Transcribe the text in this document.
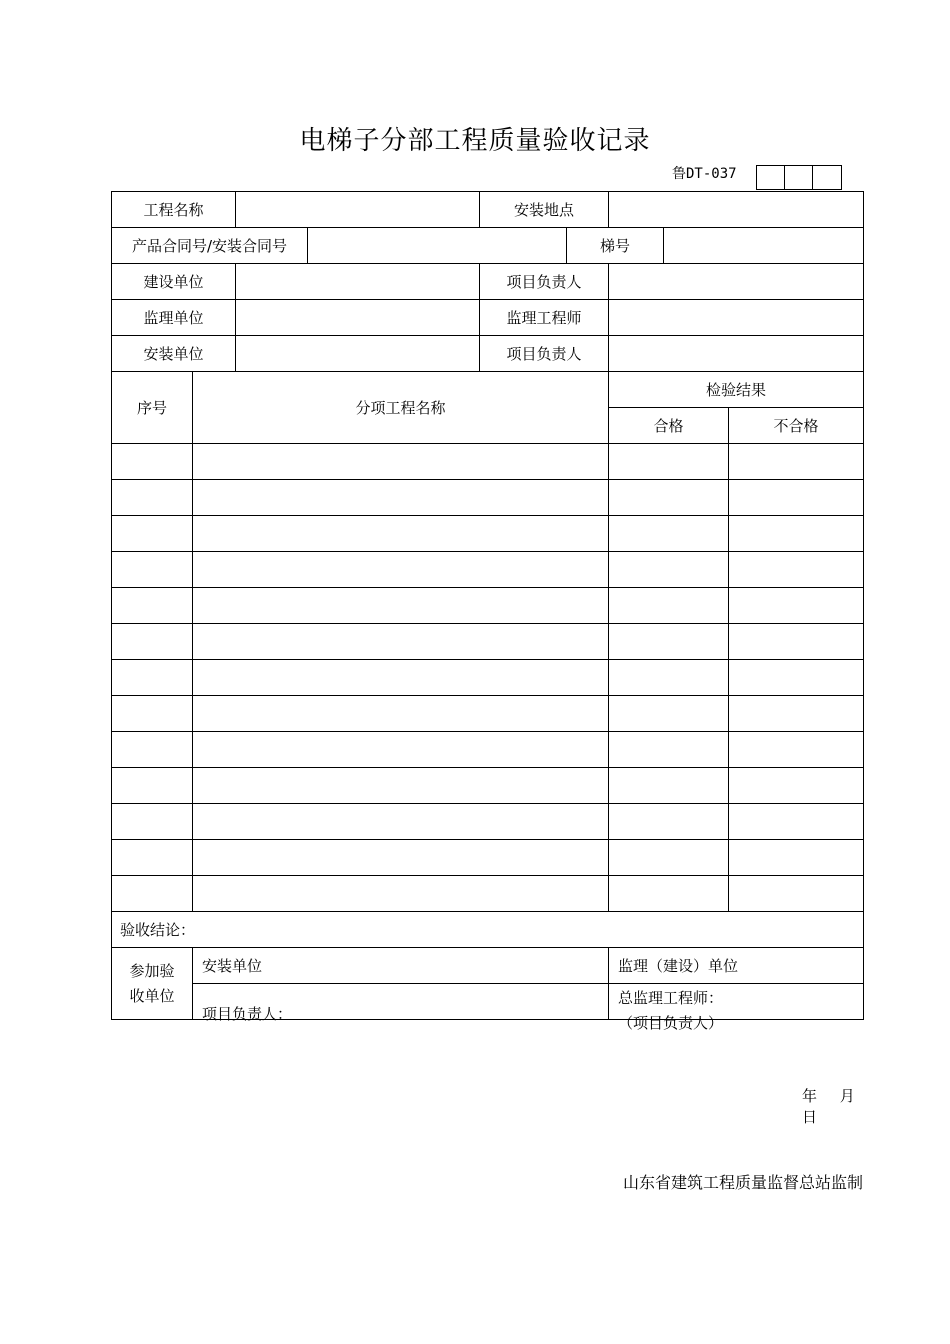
电梯子分部工程质量验收记录
鲁DT-037
工程名称			安装地点			
产品合同号/安装合同号				梯号		
建设单位			项目负责人			
监理单位			监理工程师			
安装单位			项目负责人			
序号	分项工程名称	检验结果	
		合格	不合格

验收结论：			
参加验收单位	安装单位	监理（建设）单位	

	项目负责人：	总监理工程师：
（项目负责人）
年 月 日	
山东省建筑工程质量监督总站监制
